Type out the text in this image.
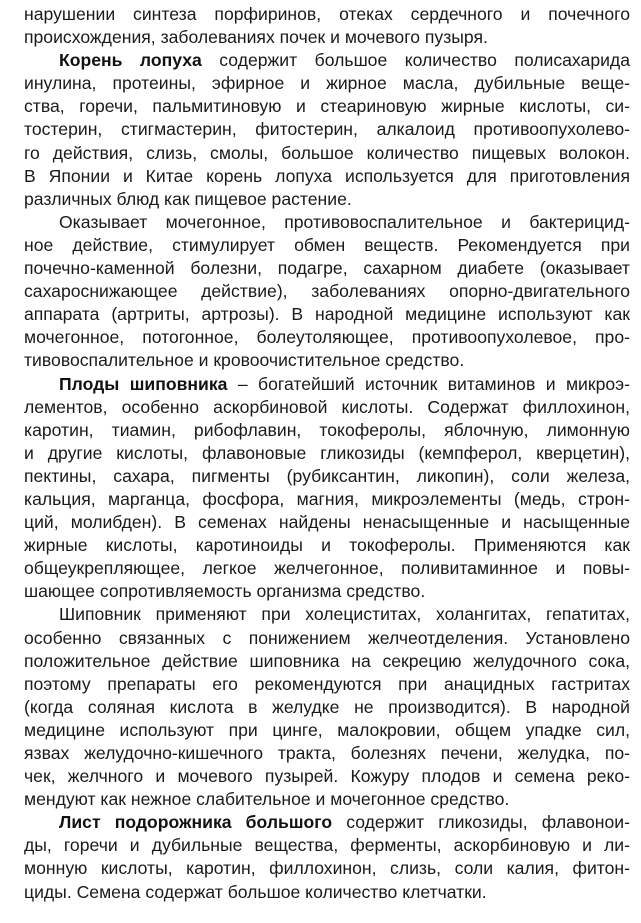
нарушении синтеза порфиринов, отеках сердечного и почечного
происхождения, заболеваниях почек и мочевого пузыря.
Корень лопуха содержит большое количество полисахарида
инулина, протеины, эфирное и жирное масла, дубильные веще-
ства, горечи, пальмитиновую и стеариновую жирные кислоты, си-
тостерин, стигмастерин, фитостерин, алкалоид противоопухолево-
го действия, слизь, смолы, большое количество пищевых волокон.
В Японии и Китае корень лопуха используется для приготовления
различных блюд как пищевое растение.
Оказывает мочегонное, противовоспалительное и бактерицид-
ное действие, стимулирует обмен веществ. Рекомендуется при
почечно-каменной болезни, подагре, сахарном диабете (оказывает
сахароснижающее действие), заболеваниях опорно-двигательного
аппарата (артриты, артрозы). В народной медицине используют как
мочегонное, потогонное, болеутоляющее, противоопухолевое, про-
тивовоспалительное и кровоочистительное средство.
Плоды шиповника – богатейший источник витаминов и микроэ-
лементов, особенно аскорбиновой кислоты. Содержат филлохинон,
каротин, тиамин, рибофлавин, токоферолы, яблочную, лимонную
и другие кислоты, флавоновые гликозиды (кемпферол, кверцетин),
пектины, сахара, пигменты (рубиксантин, ликопин), соли железа,
кальция, марганца, фосфора, магния, микроэлементы (медь, строн-
ций, молибден). В семенах найдены ненасыщенные и насыщенные
жирные кислоты, каротиноиды и токоферолы. Применяются как
общеукрепляющее, легкое желчегонное, поливитаминное и повы-
шающее сопротивляемость организма средство.
Шиповник применяют при холециститах, холангитах, гепатитах,
особенно связанных с понижением желчеотделения. Установлено
положительное действие шиповника на секрецию желудочного сока,
поэтому препараты его рекомендуются при анацидных гастритах
(когда соляная кислота в желудке не производится). В народной
медицине используют при цинге, малокровии, общем упадке сил,
язвах желудочно-кишечного тракта, болезнях печени, желудка, по-
чек, желчного и мочевого пузырей. Кожуру плодов и семена реко-
мендуют как нежное слабительное и мочегонное средство.
Лист подорожника большого содержит гликозиды, флавонои-
ды, горечи и дубильные вещества, ферменты, аскорбиновую и ли-
монную кислоты, каротин, филлохинон, слизь, соли калия, фитон-
циды. Семена содержат большое количество клетчатки.
